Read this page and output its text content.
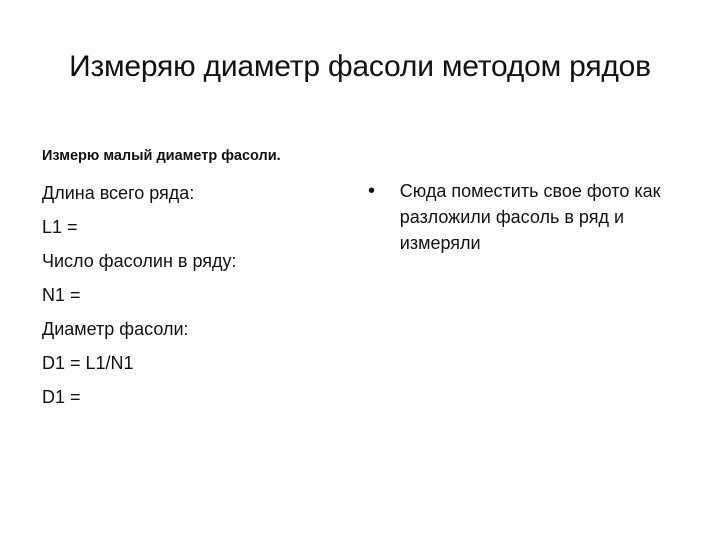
Измеряю диаметр фасоли методом рядов
Измерю малый диаметр фасоли.
Длина всего ряда:
L1 =
Число фасолин в ряду:
N1 =
Диаметр фасоли:
D1 = L1/N1
D1 =
•	Сюда поместить свое фото как разложили фасоль в ряд и измеряли
